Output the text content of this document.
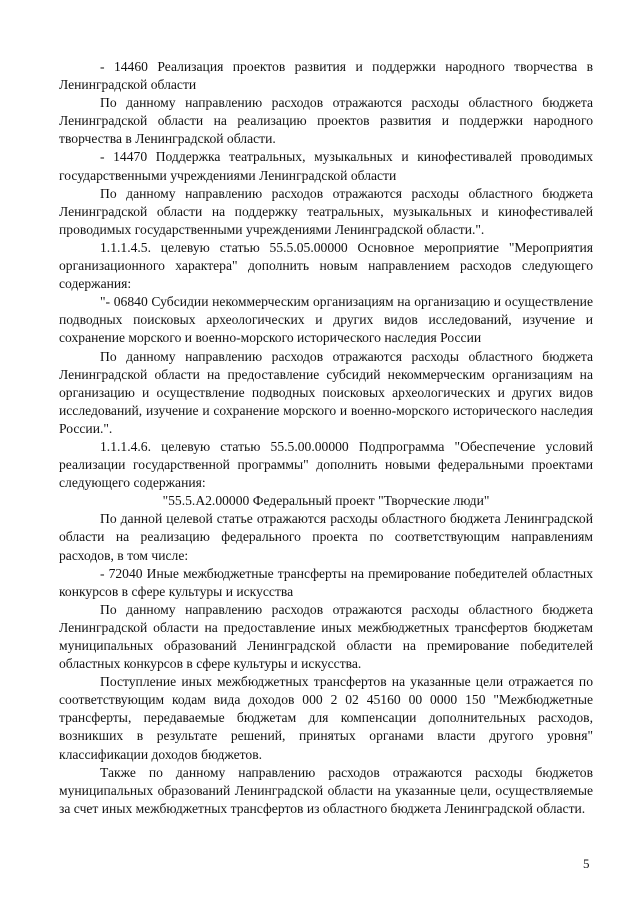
- 14460 Реализация проектов развития и поддержки народного творчества в Ленинградской области

По данному направлению расходов отражаются расходы областного бюджета Ленинградской области на реализацию проектов развития и поддержки народного творчества в Ленинградской области.

- 14470 Поддержка театральных, музыкальных и кинофестивалей проводимых государственными учреждениями Ленинградской области

По данному направлению расходов отражаются расходы областного бюджета Ленинградской области на поддержку театральных, музыкальных и кинофестивалей проводимых государственными учреждениями Ленинградской области.".

1.1.1.4.5. целевую статью 55.5.05.00000 Основное мероприятие "Мероприятия организационного характера" дополнить новым направлением расходов следующего содержания:

"- 06840 Субсидии некоммерческим организациям на организацию и осуществление подводных поисковых археологических и других видов исследований, изучение и сохранение морского и военно-морского исторического наследия России

По данному направлению расходов отражаются расходы областного бюджета Ленинградской области на предоставление субсидий некоммерческим организациям на организацию и осуществление подводных поисковых археологических и других видов исследований, изучение и сохранение морского и военно-морского исторического наследия России.".

1.1.1.4.6. целевую статью 55.5.00.00000 Подпрограмма "Обеспечение условий реализации государственной программы" дополнить новыми федеральными проектами следующего содержания:

"55.5.A2.00000 Федеральный проект "Творческие люди"

По данной целевой статье отражаются расходы областного бюджета Ленинградской области на реализацию федерального проекта по соответствующим направлениям расходов, в том числе:

- 72040 Иные межбюджетные трансферты на премирование победителей областных конкурсов в сфере культуры и искусства

По данному направлению расходов отражаются расходы областного бюджета Ленинградской области на предоставление иных межбюджетных трансфертов бюджетам муниципальных образований Ленинградской области на премирование победителей областных конкурсов в сфере культуры и искусства.

Поступление иных межбюджетных трансфертов на указанные цели отражается по соответствующим кодам вида доходов 000 2 02 45160 00 0000 150 "Межбюджетные трансферты, передаваемые бюджетам для компенсации дополнительных расходов, возникших в результате решений, принятых органами власти другого уровня" классификации доходов бюджетов.

Также по данному направлению расходов отражаются расходы бюджетов муниципальных образований Ленинградской области на указанные цели, осуществляемые за счет иных межбюджетных трансфертов из областного бюджета Ленинградской области.

5
